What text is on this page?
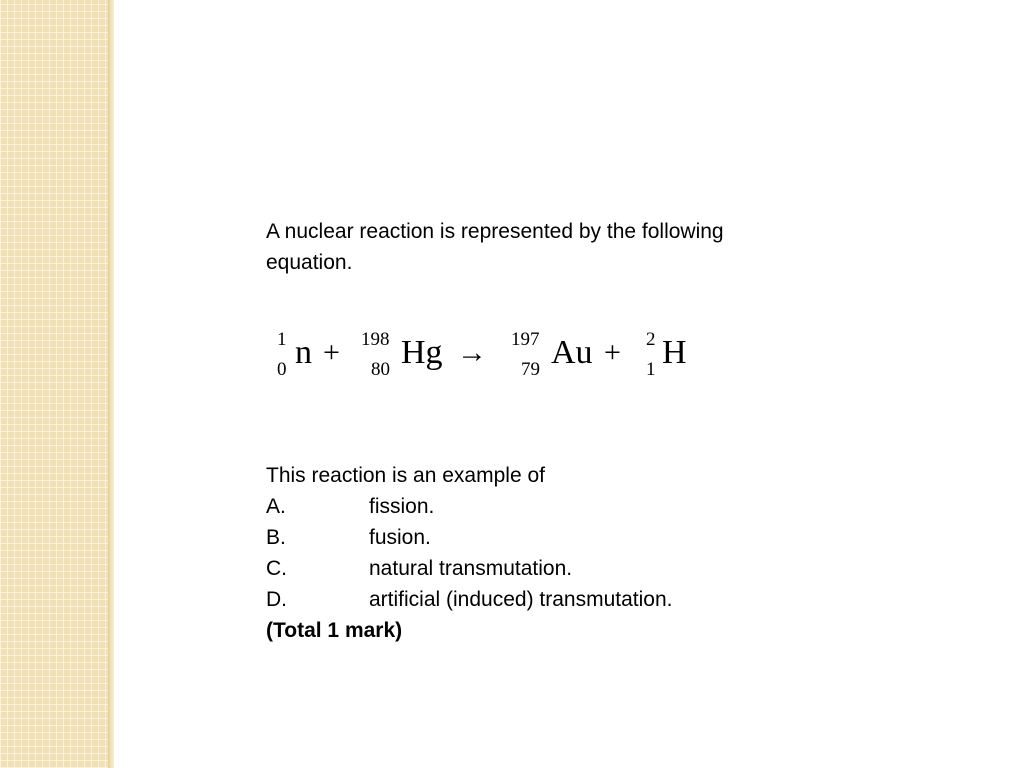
A nuclear reaction is represented by the following equation.

1
0 n + 198
80 Hg → 197
79 Au + 2
1 H
This reaction is an example of
A.	fission.
B.	fusion.
C.	natural transmutation.
D.	artificial (induced) transmutation.
(Total 1 mark)
